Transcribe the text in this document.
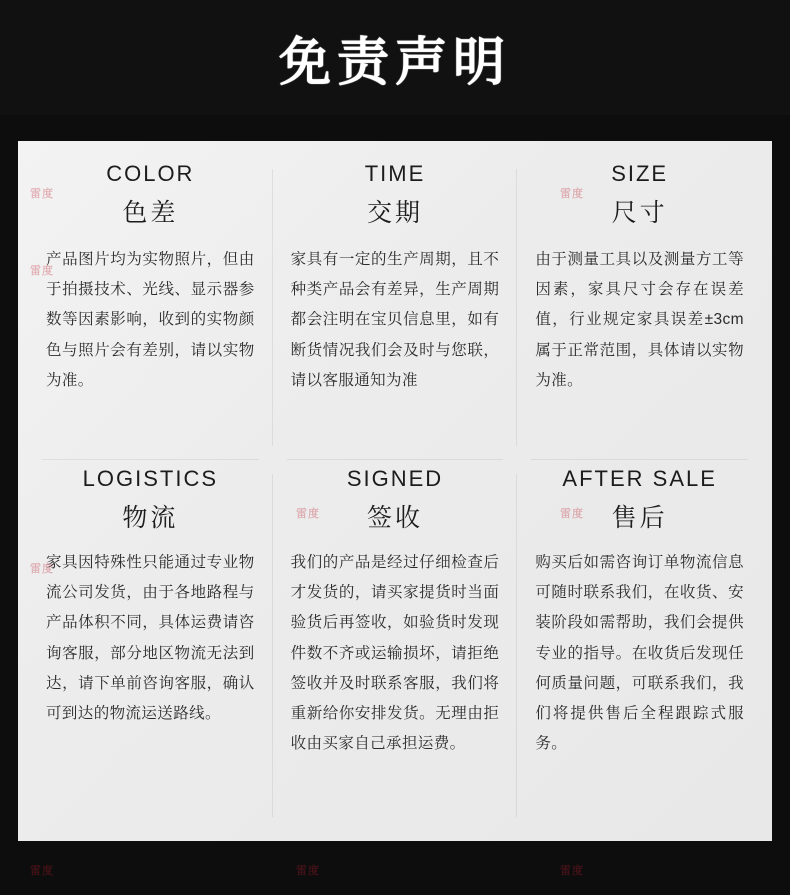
免责声明
COLOR
色差
产品图片均为实物照片，但由于拍摄技术、光线、显示器参数等因素影响，收到的实物颜色与照片会有差别，请以实物为准。
TIME
交期
家具有一定的生产周期，且不种类产品会有差异，生产周期都会注明在宝贝信息里，如有断货情况我们会及时与您联，请以客服通知为准
SIZE
尺寸
由于测量工具以及测量方工等因素，家具尺寸会存在误差值，行业规定家具误差±3cm属于正常范围，具体请以实物为准。
LOGISTICS
物流
家具因特殊性只能通过专业物流公司发货，由于各地路程与产品体积不同，具体运费请咨询客服，部分地区物流无法到达，请下单前咨询客服，确认可到达的物流运送路线。
SIGNED
签收
我们的产品是经过仔细检查后才发货的，请买家提货时当面验货后再签收，如验货时发现件数不齐或运输损坏，请拒绝签收并及时联系客服，我们将重新给你安排发货。无理由拒收由买家自己承担运费。
AFTER SALE
售后
购买后如需咨询订单物流信息可随时联系我们，在收货、安装阶段如需帮助，我们会提供专业的指导。在收货后发现任何质量问题，可联系我们，我们将提供售后全程跟踪式服务。
雷度
雷度
雷度
雷度
雷度
雷度
雷度
雷度
雷度
